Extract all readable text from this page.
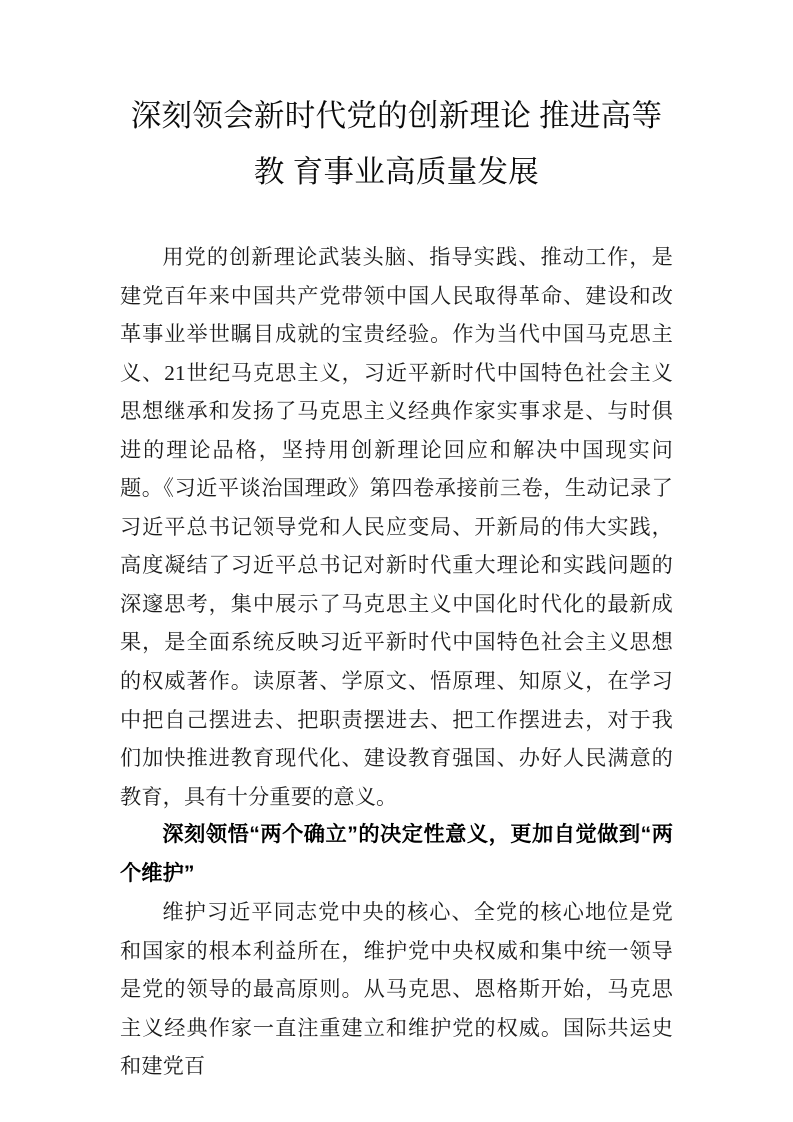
深刻领会新时代党的创新理论 推进高等教 育事业高质量发展

用党的创新理论武装头脑、指导实践、推动工作，是建党百年来中国共产党带领中国人民取得革命、建设和改革事业举世瞩目成就的宝贵经验。作为当代中国马克思主义、21世纪马克思主义，习近平新时代中国特色社会主义思想继承和发扬了马克思主义经典作家实事求是、与时俱进的理论品格，坚持用创新理论回应和解决中国现实问题。《习近平谈治国理政》第四卷承接前三卷，生动记录了习近平总书记领导党和人民应变局、开新局的伟大实践，高度凝结了习近平总书记对新时代重大理论和实践问题的深邃思考，集中展示了马克思主义中国化时代化的最新成果，是全面系统反映习近平新时代中国特色社会主义思想的权威著作。读原著、学原文、悟原理、知原义，在学习中把自己摆进去、把职责摆进去、把工作摆进去，对于我们加快推进教育现代化、建设教育强国、办好人民满意的教育，具有十分重要的意义。

深刻领悟“两个确立”的决定性意义，更加自觉做到“两个维护”

维护习近平同志党中央的核心、全党的核心地位是党和国家的根本利益所在，维护党中央权威和集中统一领导是党的领导的最高原则。从马克思、恩格斯开始，马克思主义经典作家一直注重建立和维护党的权威。国际共运史和建党百
